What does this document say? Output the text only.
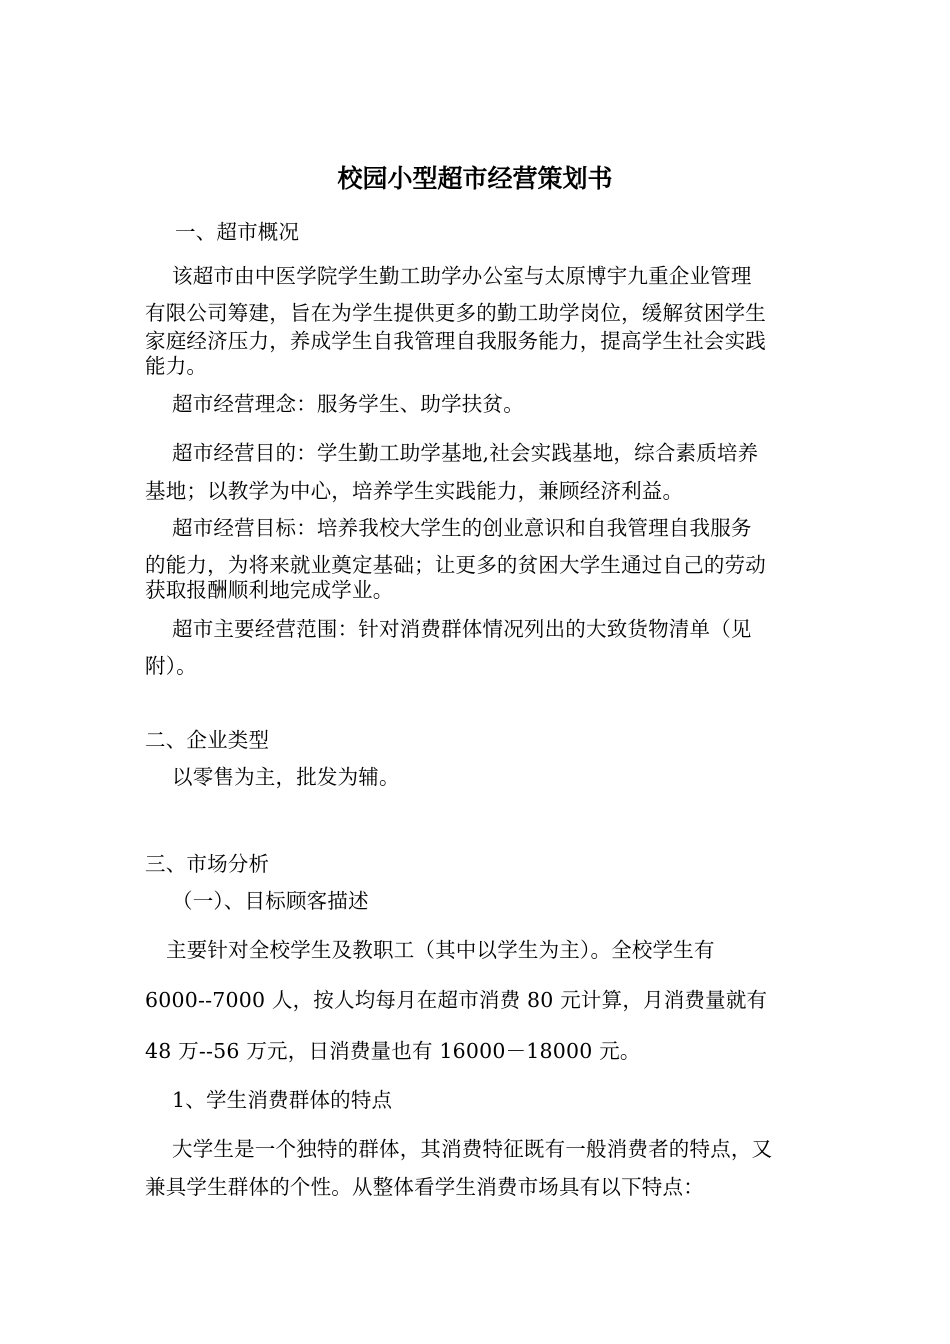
校园小型超市经营策划书
一、超市概况
该超市由中医学院学生勤工助学办公室与太原博宇九重企业管理
有限公司筹建，旨在为学生提供更多的勤工助学岗位，缓解贫困学生
家庭经济压力，养成学生自我管理自我服务能力，提高学生社会实践
能力。
超市经营理念：服务学生、助学扶贫。
超市经营目的：学生勤工助学基地,社会实践基地，综合素质培养
基地；以教学为中心，培养学生实践能力，兼顾经济利益。
超市经营目标：培养我校大学生的创业意识和自我管理自我服务
的能力，为将来就业奠定基础；让更多的贫困大学生通过自己的劳动
获取报酬顺利地完成学业。
超市主要经营范围：针对消费群体情况列出的大致货物清单（见
附）。
二、企业类型
以零售为主，批发为辅。
三、市场分析
（一）、目标顾客描述
主要针对全校学生及教职工（其中以学生为主）。全校学生有
6000--7000 人，按人均每月在超市消费 80 元计算，月消费量就有
48 万--56 万元，日消费量也有 16000－18000 元。
1、学生消费群体的特点
大学生是一个独特的群体，其消费特征既有一般消费者的特点，又
兼具学生群体的个性。从整体看学生消费市场具有以下特点：
